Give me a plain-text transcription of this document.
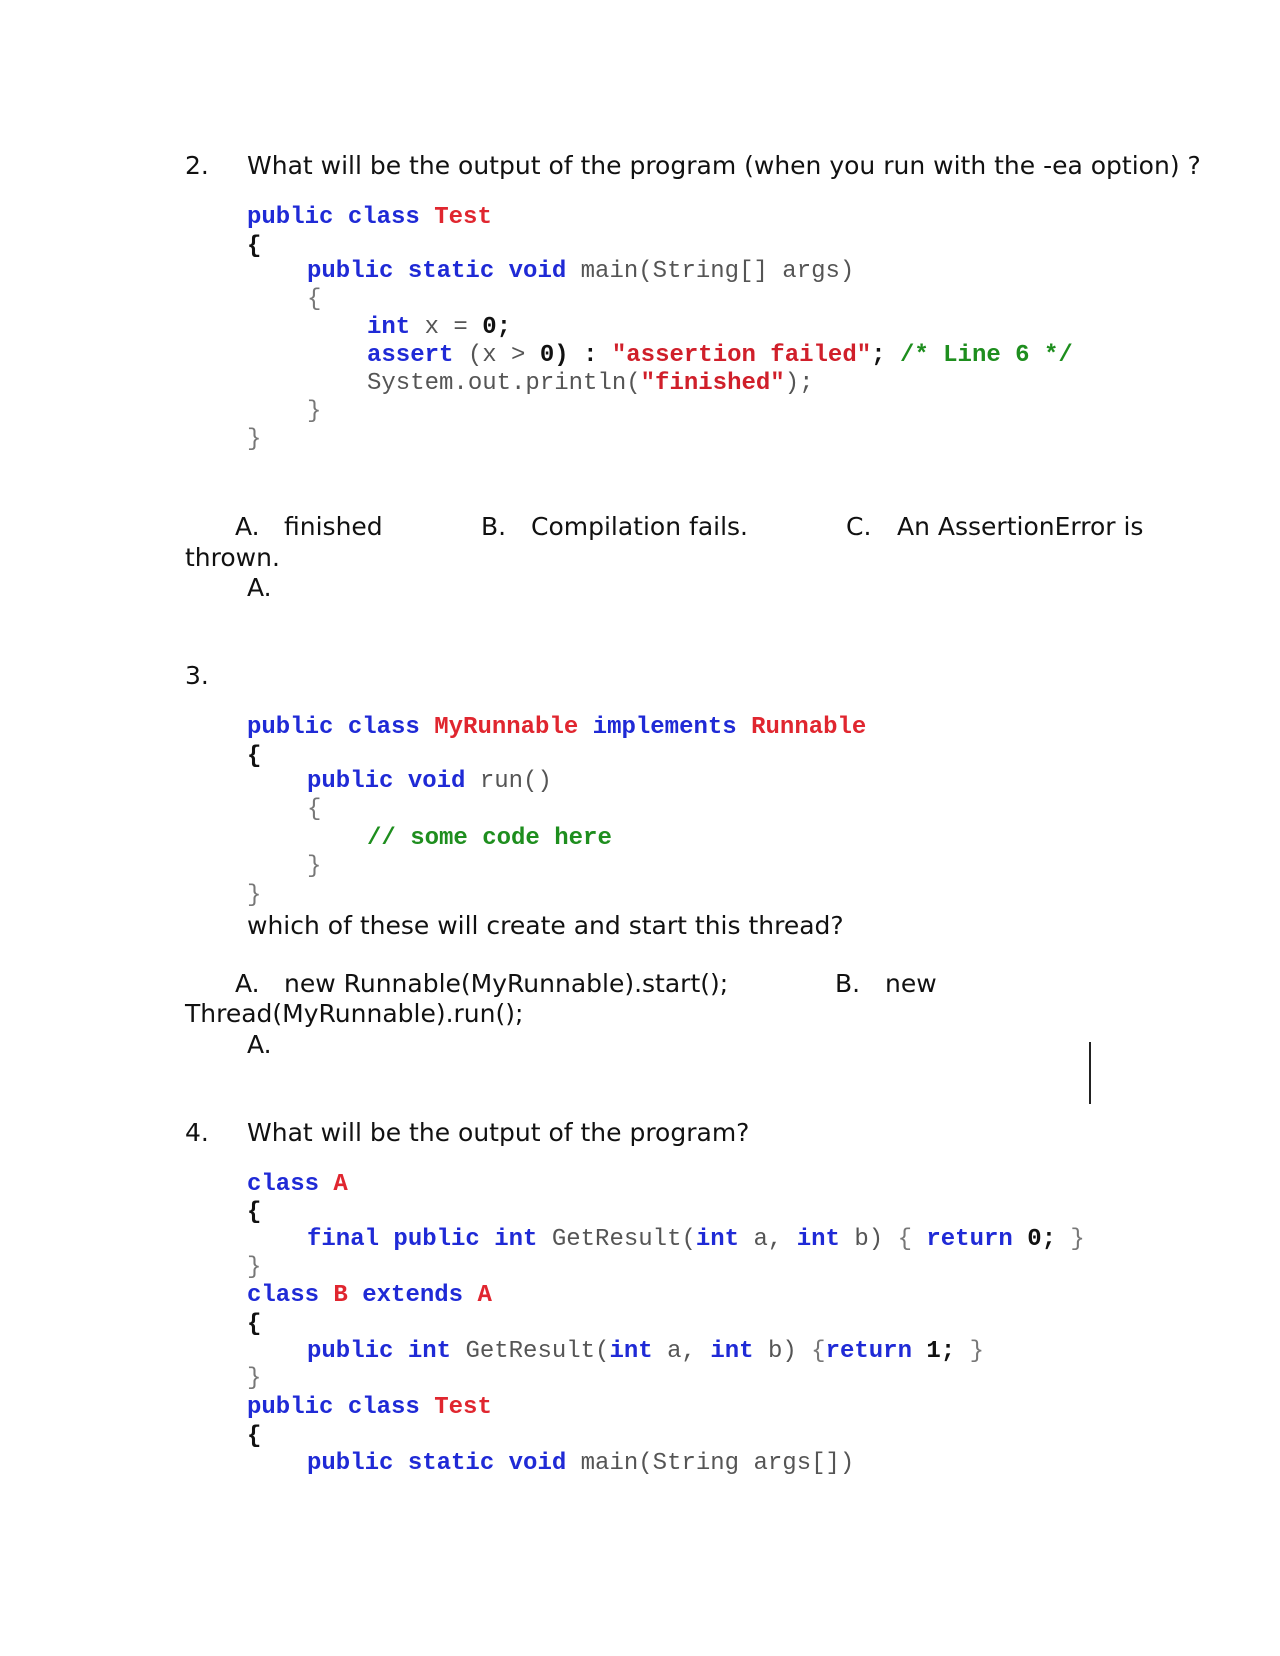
2. What will be the output of the program (when you run with the -ea option) ?
public class Test
{
public static void main(String[] args)
{
int x = 0;
assert (x > 0) : "assertion failed"; /* Line 6 */
System.out.println("finished");
}
}
A. finished	B. Compilation fails.	C. An AssertionError is
thrown.
A.
3.
public class MyRunnable implements Runnable
{
public void run()
{
// some code here
}
}
which of these will create and start this thread?
A. new Runnable(MyRunnable).start();	B. new
Thread(MyRunnable).run();
A.
4. What will be the output of the program?
class A
{
final public int GetResult(int a, int b) { return 0; }
}
class B extends A
{
public int GetResult(int a, int b) {return 1; }
}
public class Test
{
public static void main(String args[])
